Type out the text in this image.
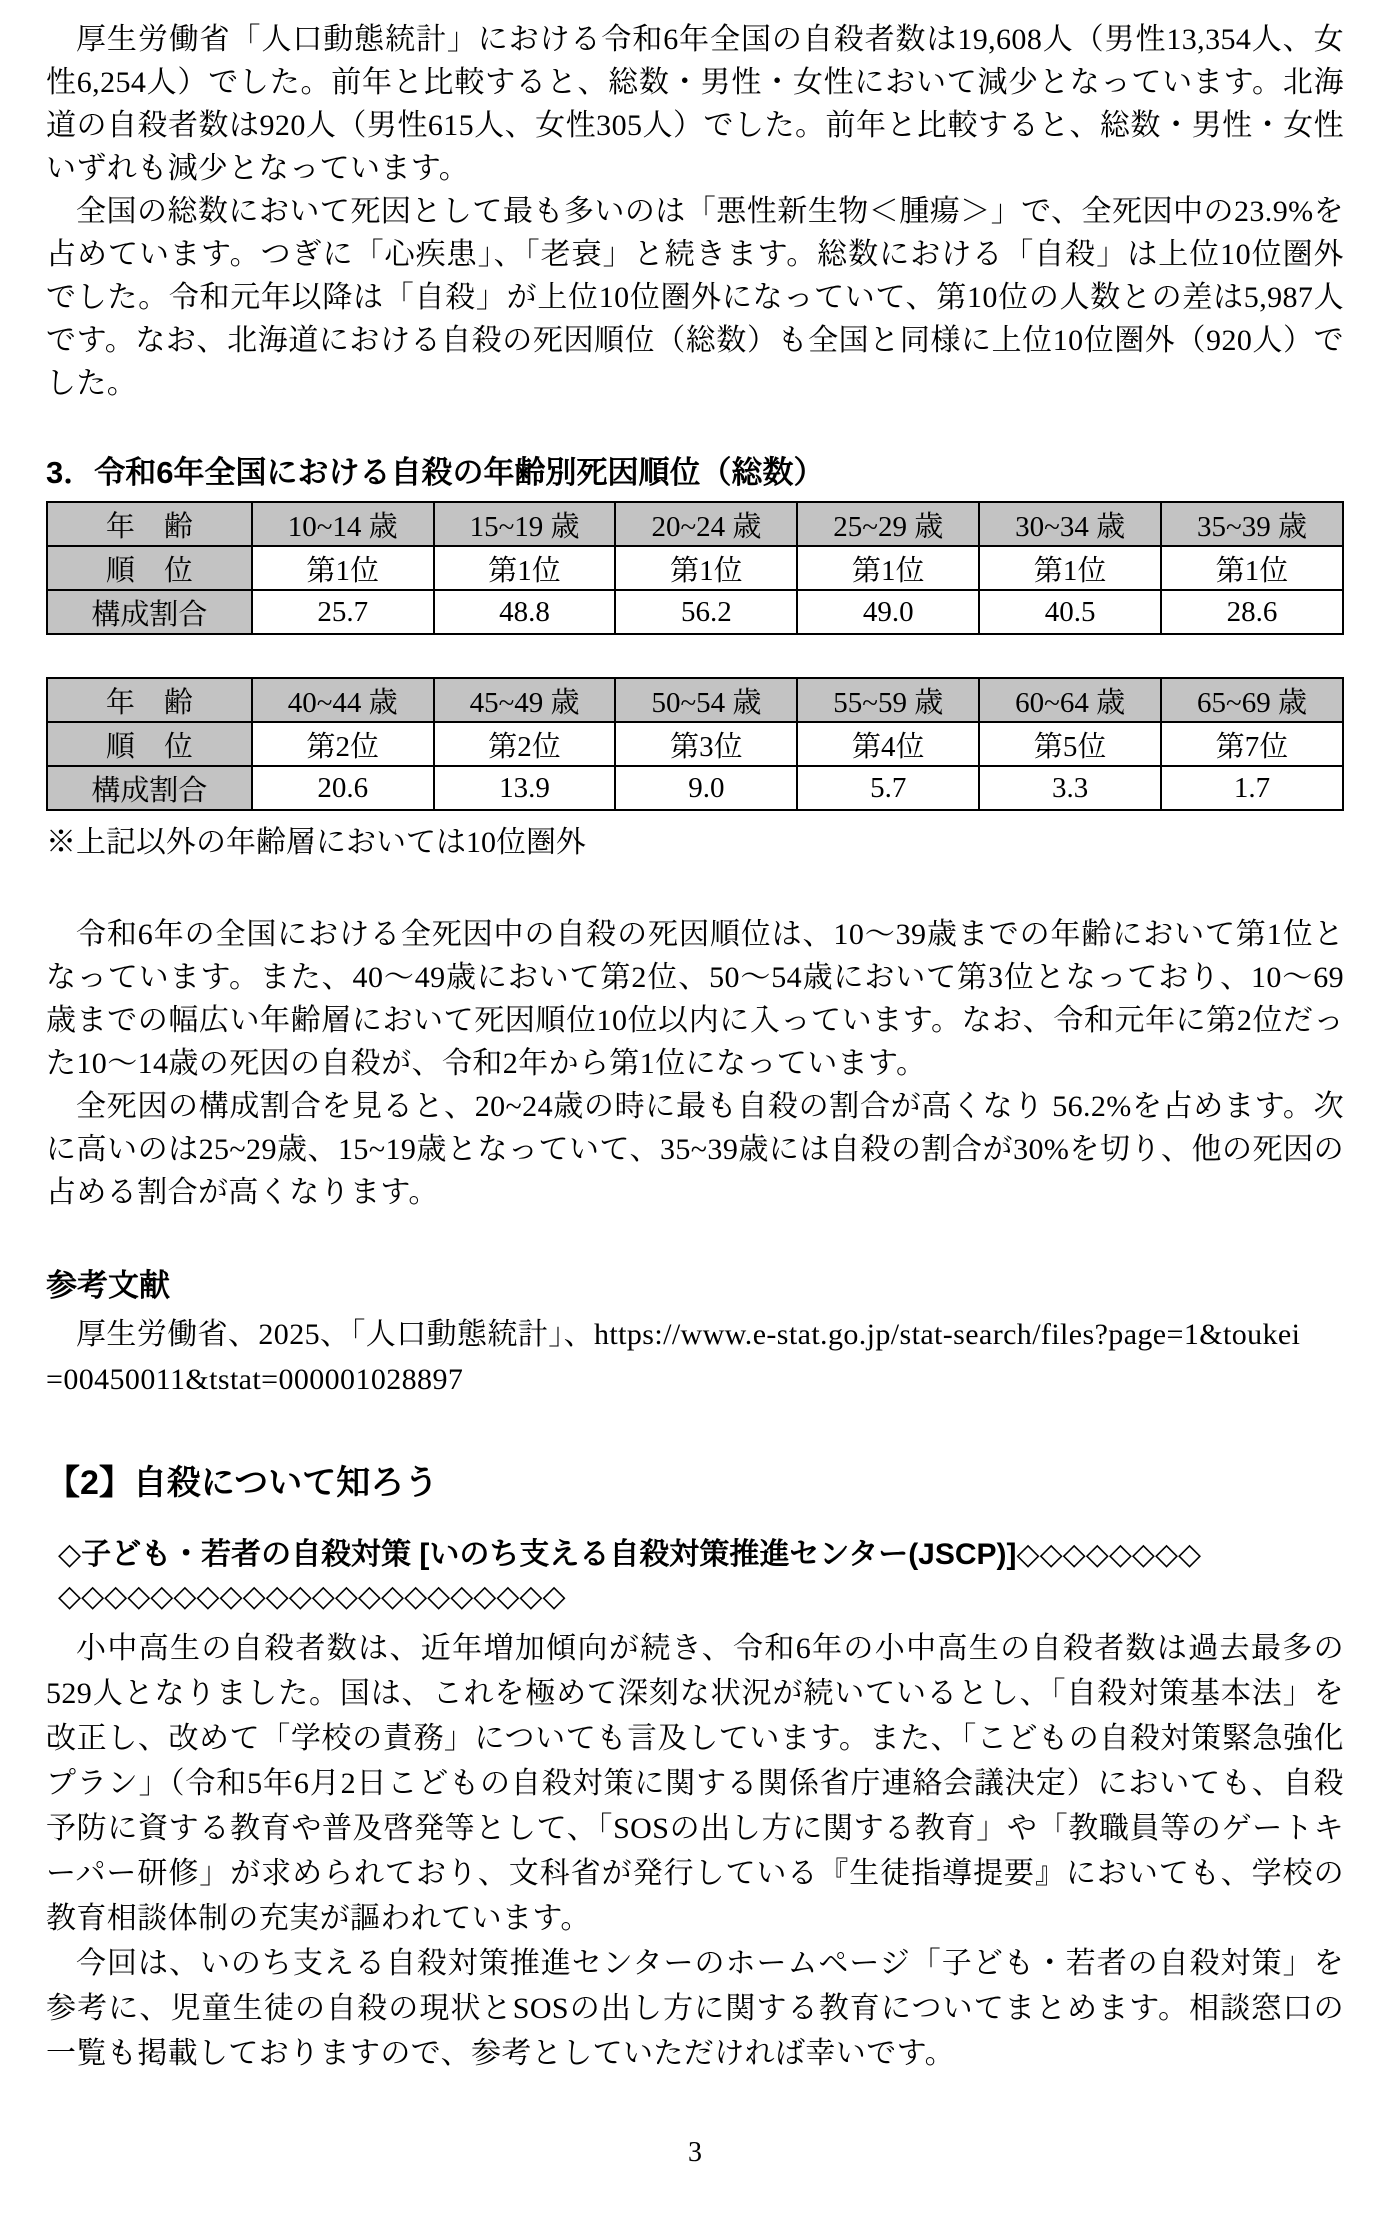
厚生労働省「人口動態統計」における令和6年全国の自殺者数は19,608人（男性13,354人、女性6,254人）でした。前年と比較すると、総数・男性・女性において減少となっています。北海道の自殺者数は920人（男性615人、女性305人）でした。前年と比較すると、総数・男性・女性いずれも減少となっています。

全国の総数において死因として最も多いのは「悪性新生物＜腫瘍＞」で、全死因中の23.9%を占めています。つぎに「心疾患」、「老衰」と続きます。総数における「自殺」は上位10位圏外でした。令和元年以降は「自殺」が上位10位圏外になっていて、第10位の人数との差は5,987人です。なお、北海道における自殺の死因順位（総数）も全国と同様に上位10位圏外（920人）でした。

3．令和6年全国における自殺の年齢別死因順位（総数）
年　齢	10~14 歳	15~19 歳	20~24 歳	25~29 歳	30~34 歳	35~39 歳
順　位	第1位	第1位	第1位	第1位	第1位	第1位
構成割合	25.7	48.8	56.2	49.0	40.5	28.6
年　齢	40~44 歳	45~49 歳	50~54 歳	55~59 歳	60~64 歳	65~69 歳
順　位	第2位	第2位	第3位	第4位	第5位	第7位
構成割合	20.6	13.9	9.0	5.7	3.3	1.7
※上記以外の年齢層においては10位圏外

令和6年の全国における全死因中の自殺の死因順位は、10～39歳までの年齢において第1位となっています。また、40～49歳において第2位、50～54歳において第3位となっており、10～69歳までの幅広い年齢層において死因順位10位以内に入っています。なお、令和元年に第2位だった10～14歳の死因の自殺が、令和2年から第1位になっています。

全死因の構成割合を見ると、20~24歳の時に最も自殺の割合が高くなり 56.2%を占めます。次に高いのは25~29歳、15~19歳となっていて、35~39歳には自殺の割合が30%を切り、他の死因の占める割合が高くなります。

参考文献
厚生労働省、2025、「人口動態統計」、https://www.e-stat.go.jp/stat-search/files?page=1&toukei
=00450011&tstat=000001028897
【2】自殺について知ろう
◇子ども・若者の自殺対策 [いのち支える自殺対策推進センター(JSCP)]◇◇◇◇◇◇◇◇
◇◇◇◇◇◇◇◇◇◇◇◇◇◇◇◇◇◇◇◇◇◇

小中高生の自殺者数は、近年増加傾向が続き、令和6年の小中高生の自殺者数は過去最多の529人となりました。国は、これを極めて深刻な状況が続いているとし、「自殺対策基本法」を改正し、改めて「学校の責務」についても言及しています。また、「こどもの自殺対策緊急強化プラン」（令和5年6月2日こどもの自殺対策に関する関係省庁連絡会議決定）においても、自殺予防に資する教育や普及啓発等として、「SOSの出し方に関する教育」や「教職員等のゲートキーパー研修」が求められており、文科省が発行している『生徒指導提要』においても、学校の教育相談体制の充実が謳われています。

今回は、いのち支える自殺対策推進センターのホームページ「子ども・若者の自殺対策」を参考に、児童生徒の自殺の現状とSOSの出し方に関する教育についてまとめます。相談窓口の一覧も掲載しておりますので、参考としていただければ幸いです。

3
